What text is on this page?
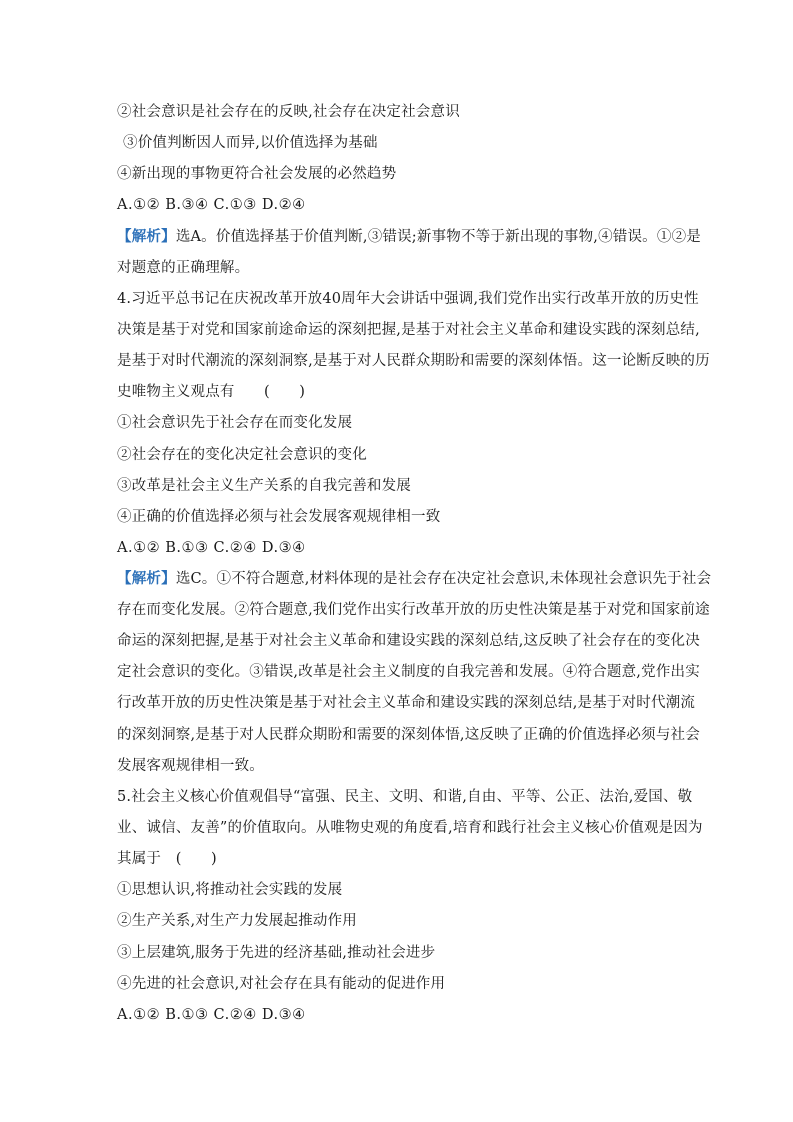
②社会意识是社会存在的反映,社会存在决定社会意识
③价值判断因人而异,以价值选择为基础
④新出现的事物更符合社会发展的必然趋势
A.①② B.③④ C.①③ D.②④
【解析】选A。价值选择基于价值判断,③错误;新事物不等于新出现的事物,④错误。①②是
对题意的正确理解。
4.习近平总书记在庆祝改革开放40周年大会讲话中强调,我们党作出实行改革开放的历史性
决策是基于对党和国家前途命运的深刻把握,是基于对社会主义革命和建设实践的深刻总结,
是基于对时代潮流的深刻洞察,是基于对人民群众期盼和需要的深刻体悟。这一论断反映的历
史唯物主义观点有　　(　　)
①社会意识先于社会存在而变化发展
②社会存在的变化决定社会意识的变化
③改革是社会主义生产关系的自我完善和发展
④正确的价值选择必须与社会发展客观规律相一致
A.①② B.①③ C.②④ D.③④
【解析】选C。①不符合题意,材料体现的是社会存在决定社会意识,未体现社会意识先于社会
存在而变化发展。②符合题意,我们党作出实行改革开放的历史性决策是基于对党和国家前途
命运的深刻把握,是基于对社会主义革命和建设实践的深刻总结,这反映了社会存在的变化决
定社会意识的变化。③错误,改革是社会主义制度的自我完善和发展。④符合题意,党作出实
行改革开放的历史性决策是基于对社会主义革命和建设实践的深刻总结,是基于对时代潮流
的深刻洞察,是基于对人民群众期盼和需要的深刻体悟,这反映了正确的价值选择必须与社会
发展客观规律相一致。
5.社会主义核心价值观倡导“富强、民主、文明、和谐,自由、平等、公正、法治,爱国、敬
业、诚信、友善”的价值取向。从唯物史观的角度看,培育和践行社会主义核心价值观是因为
其属于　(　　)
①思想认识,将推动社会实践的发展
②生产关系,对生产力发展起推动作用
③上层建筑,服务于先进的经济基础,推动社会进步
④先进的社会意识,对社会存在具有能动的促进作用
A.①② B.①③ C.②④ D.③④
